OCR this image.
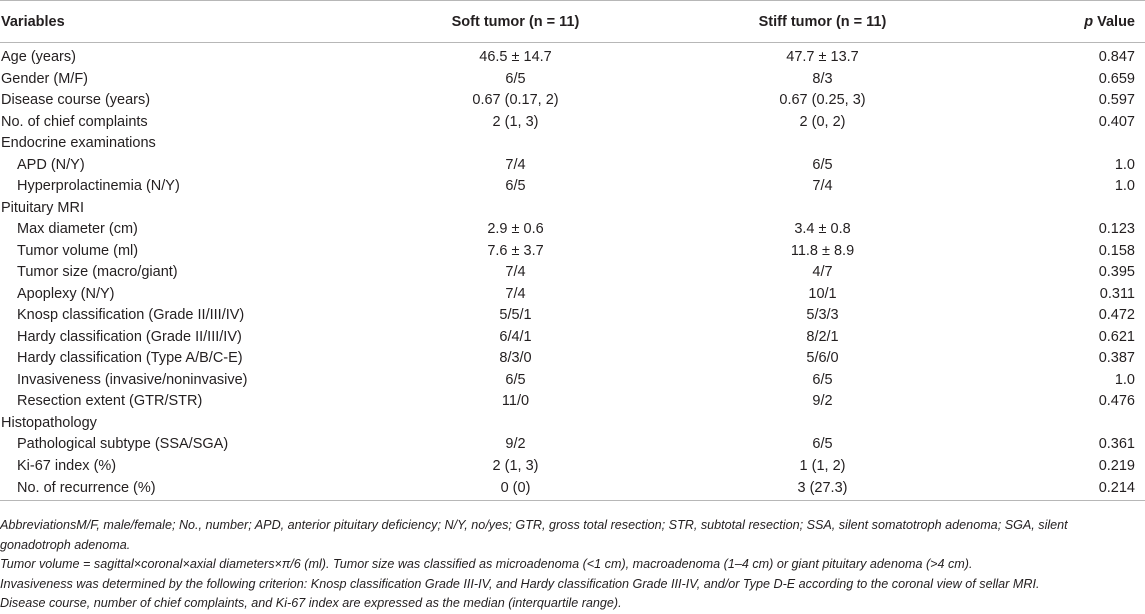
Variables	Soft tumor (n = 11)	Stiff tumor (n = 11)	p Value
Age (years)	46.5 ± 14.7	47.7 ± 13.7	0.847
Gender (M/F)	6/5	8/3	0.659
Disease course (years)	0.67 (0.17, 2)	0.67 (0.25, 3)	0.597
No. of chief complaints	2 (1, 3)	2 (0, 2)	0.407
Endocrine examinations			
APD (N/Y)	7/4	6/5	1.0
Hyperprolactinemia (N/Y)	6/5	7/4	1.0
Pituitary MRI			
Max diameter (cm)	2.9 ± 0.6	3.4 ± 0.8	0.123
Tumor volume (ml)	7.6 ± 3.7	11.8 ± 8.9	0.158
Tumor size (macro/giant)	7/4	4/7	0.395
Apoplexy (N/Y)	7/4	10/1	0.311
Knosp classification (Grade II/III/IV)	5/5/1	5/3/3	0.472
Hardy classification (Grade II/III/IV)	6/4/1	8/2/1	0.621
Hardy classification (Type A/B/C-E)	8/3/0	5/6/0	0.387
Invasiveness (invasive/noninvasive)	6/5	6/5	1.0
Resection extent (GTR/STR)	11/0	9/2	0.476
Histopathology			
Pathological subtype (SSA/SGA)	9/2	6/5	0.361
Ki-67 index (%)	2 (1, 3)	1 (1, 2)	0.219
No. of recurrence (%)	0 (0)	3 (27.3)	0.214

AbbreviationsM/F, male/female; No., number; APD, anterior pituitary deficiency; N/Y, no/yes; GTR, gross total resection; STR, subtotal resection; SSA, silent somatotroph adenoma; SGA, silent gonadotroph adenoma.

Tumor volume = sagittal×coronal×axial diameters×π/6 (ml). Tumor size was classified as microadenoma (<1 cm), macroadenoma (1–4 cm) or giant pituitary adenoma (>4 cm).

Invasiveness was determined by the following criterion: Knosp classification Grade III-IV, and Hardy classification Grade III-IV, and/or Type D-E according to the coronal view of sellar MRI.

Disease course, number of chief complaints, and Ki-67 index are expressed as the median (interquartile range).
